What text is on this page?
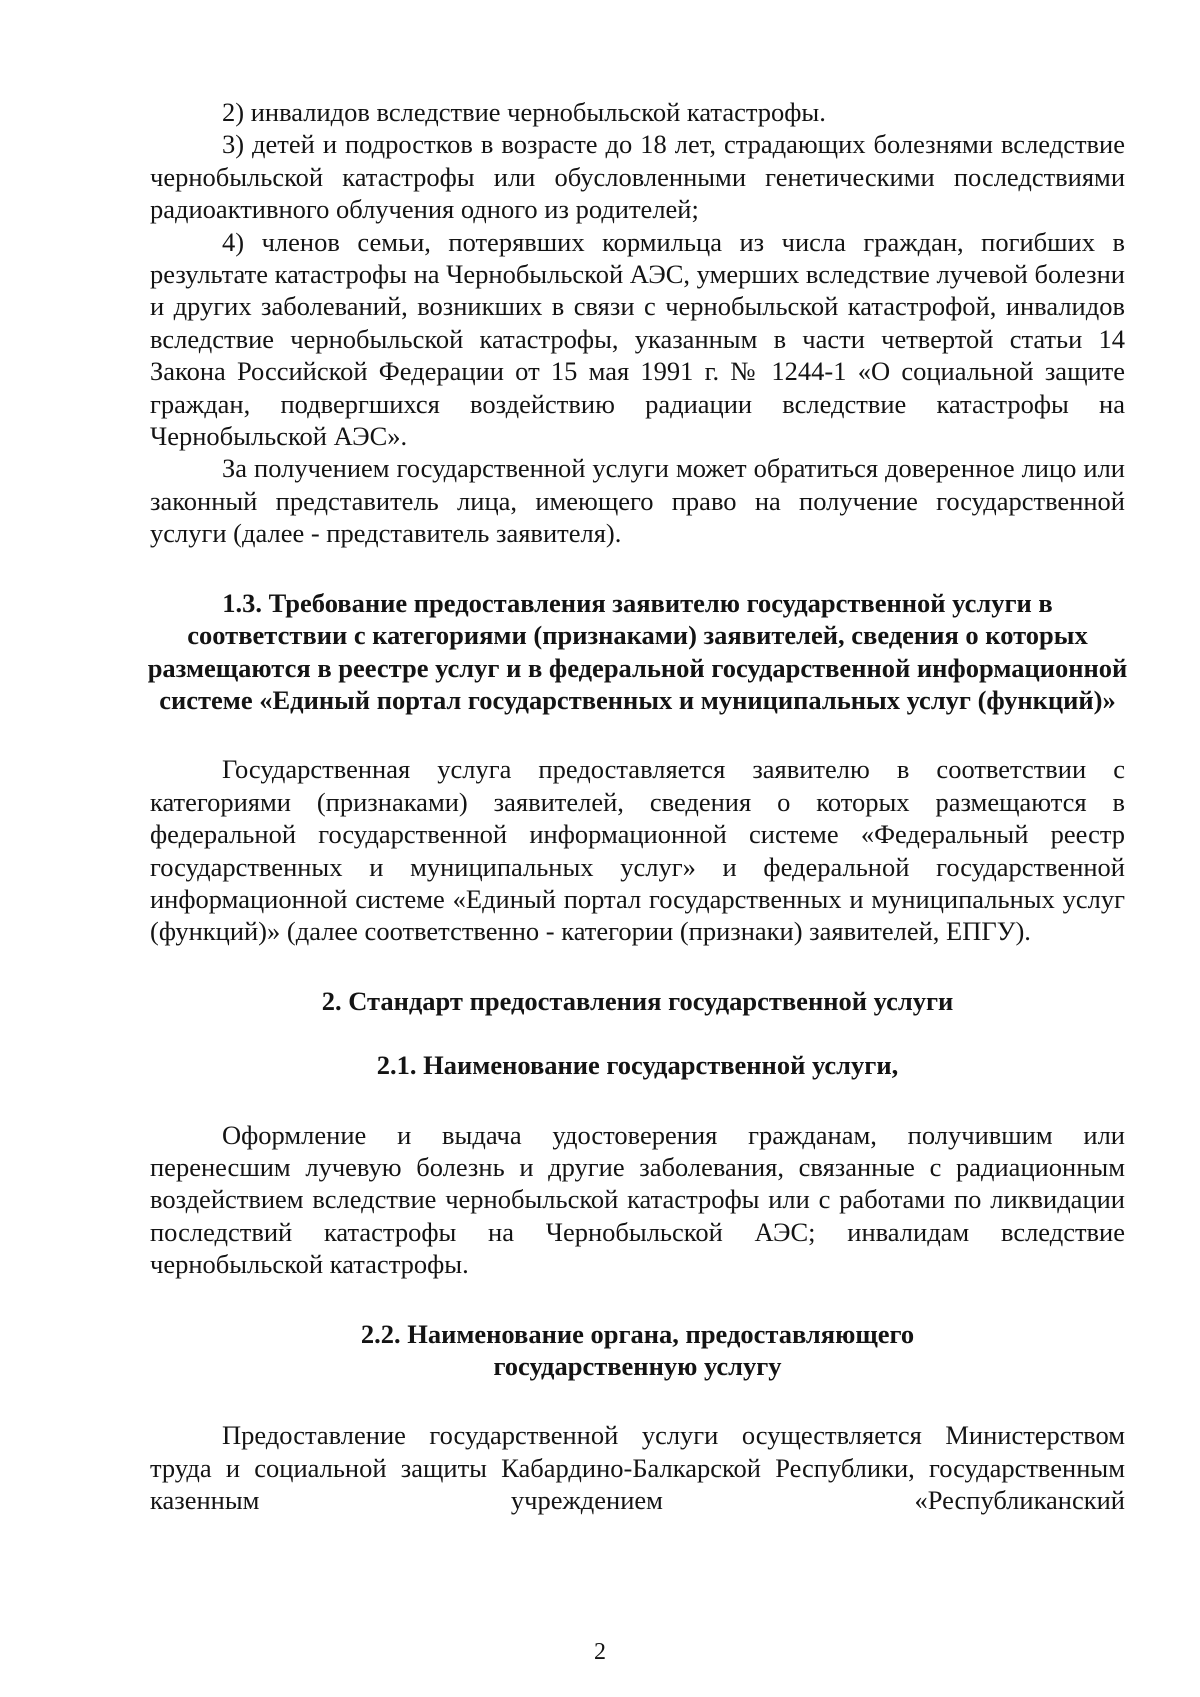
2) инвалидов вследствие чернобыльской катастрофы.

3) детей и подростков в возрасте до 18 лет, страдающих болезнями вследствие чернобыльской катастрофы или обусловленными генетическими последствиями радиоактивного облучения одного из родителей;

4) членов семьи, потерявших кормильца из числа граждан, погибших в результате катастрофы на Чернобыльской АЭС, умерших вследствие лучевой болезни и других заболеваний, возникших в связи с чернобыльской катастрофой, инвалидов вследствие чернобыльской катастрофы, указанным в части четвертой статьи 14 Закона Российской Федерации от 15 мая 1991 г. № 1244-1 «О социальной защите граждан, подвергшихся воздействию радиации вследствие катастрофы на Чернобыльской АЭС».

За получением государственной услуги может обратиться доверенное лицо или законный представитель лица, имеющего право на получение государственной услуги (далее - представитель заявителя).

1.3. Требование предоставления заявителю государственной услуги в соответствии с категориями (признаками) заявителей, сведения о которых размещаются в реестре услуг и в федеральной государственной информационной системе «Единый портал государственных и муниципальных услуг (функций)»

Государственная услуга предоставляется заявителю в соответствии с категориями (признаками) заявителей, сведения о которых размещаются в федеральной государственной информационной системе «Федеральный реестр государственных и муниципальных услуг» и федеральной государственной информационной системе «Единый портал государственных и муниципальных услуг (функций)» (далее соответственно - категории (признаки) заявителей, ЕПГУ).

2. Стандарт предоставления государственной услуги
2.1. Наименование государственной услуги,

Оформление и выдача удостоверения гражданам, получившим или перенесшим лучевую болезнь и другие заболевания, связанные с радиационным воздействием вследствие чернобыльской катастрофы или с работами по ликвидации последствий катастрофы на Чернобыльской АЭС; инвалидам вследствие чернобыльской катастрофы.

2.2. Наименование органа, предоставляющего государственную услугу

Предоставление государственной услуги осуществляется Министерством труда и социальной защиты Кабардино-Балкарской Республики, государственным казенным учреждением «Республиканский

2
